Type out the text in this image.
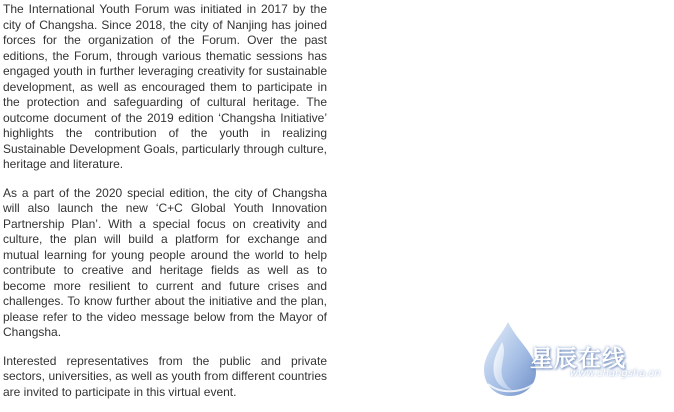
The International Youth Forum was initiated in 2017 by the city of Changsha. Since 2018, the city of Nanjing has joined forces for the organization of the Forum. Over the past editions, the Forum, through various thematic sessions has engaged youth in further leveraging creativity for sustainable development, as well as encouraged them to participate in the protection and safeguarding of cultural heritage. The outcome document of the 2019 edition ‘Changsha Initiative’ highlights the contribution of the youth in realizing Sustainable Development Goals, particularly through culture, heritage and literature.

As a part of the 2020 special edition, the city of Changsha will also launch the new ‘C+C Global Youth Innovation Partnership Plan’. With a special focus on creativity and culture, the plan will build a platform for exchange and mutual learning for young people around the world to help contribute to creative and heritage fields as well as to become more resilient to current and future crises and challenges. To know further about the initiative and the plan, please refer to the video message below from the Mayor of Changsha.

Interested representatives from the public and private sectors, universities, as well as youth from different countries are invited to participate in this virtual event.

星辰在线
www.changsha.cn
